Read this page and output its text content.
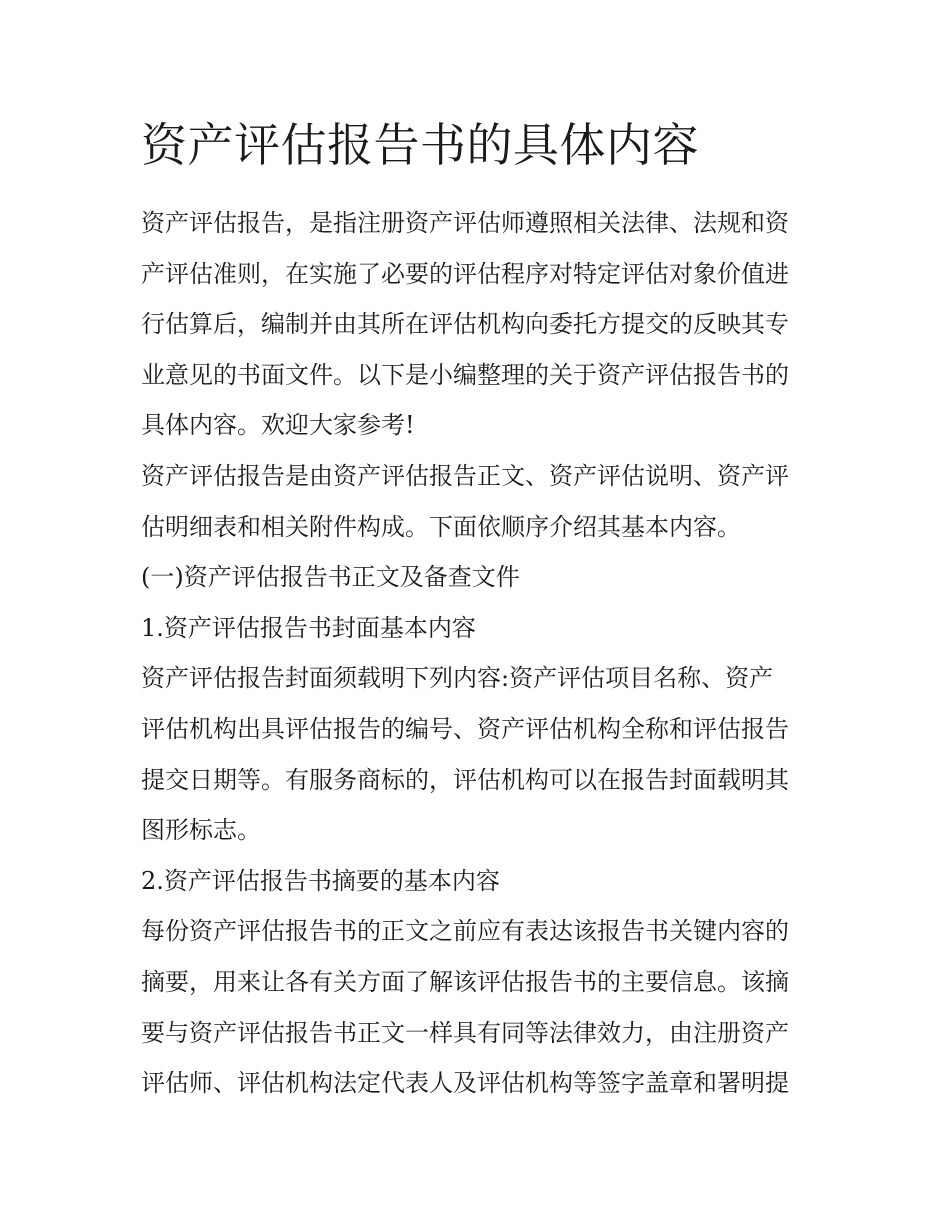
资产评估报告书的具体内容
资产评估报告，是指注册资产评估师遵照相关法律、法规和资
产评估准则，在实施了必要的评估程序对特定评估对象价值进
行估算后，编制并由其所在评估机构向委托方提交的反映其专
业意见的书面文件。以下是小编整理的关于资产评估报告书的
具体内容。欢迎大家参考!
资产评估报告是由资产评估报告正文、资产评估说明、资产评
估明细表和相关附件构成。下面依顺序介绍其基本内容。
(一)资产评估报告书正文及备查文件
1.资产评估报告书封面基本内容
资产评估报告封面须载明下列内容:资产评估项目名称、资产
评估机构出具评估报告的编号、资产评估机构全称和评估报告
提交日期等。有服务商标的，评估机构可以在报告封面载明其
图形标志。
2.资产评估报告书摘要的基本内容
每份资产评估报告书的正文之前应有表达该报告书关键内容的
摘要，用来让各有关方面了解该评估报告书的主要信息。该摘
要与资产评估报告书正文一样具有同等法律效力，由注册资产
评估师、评估机构法定代表人及评估机构等签字盖章和署明提
